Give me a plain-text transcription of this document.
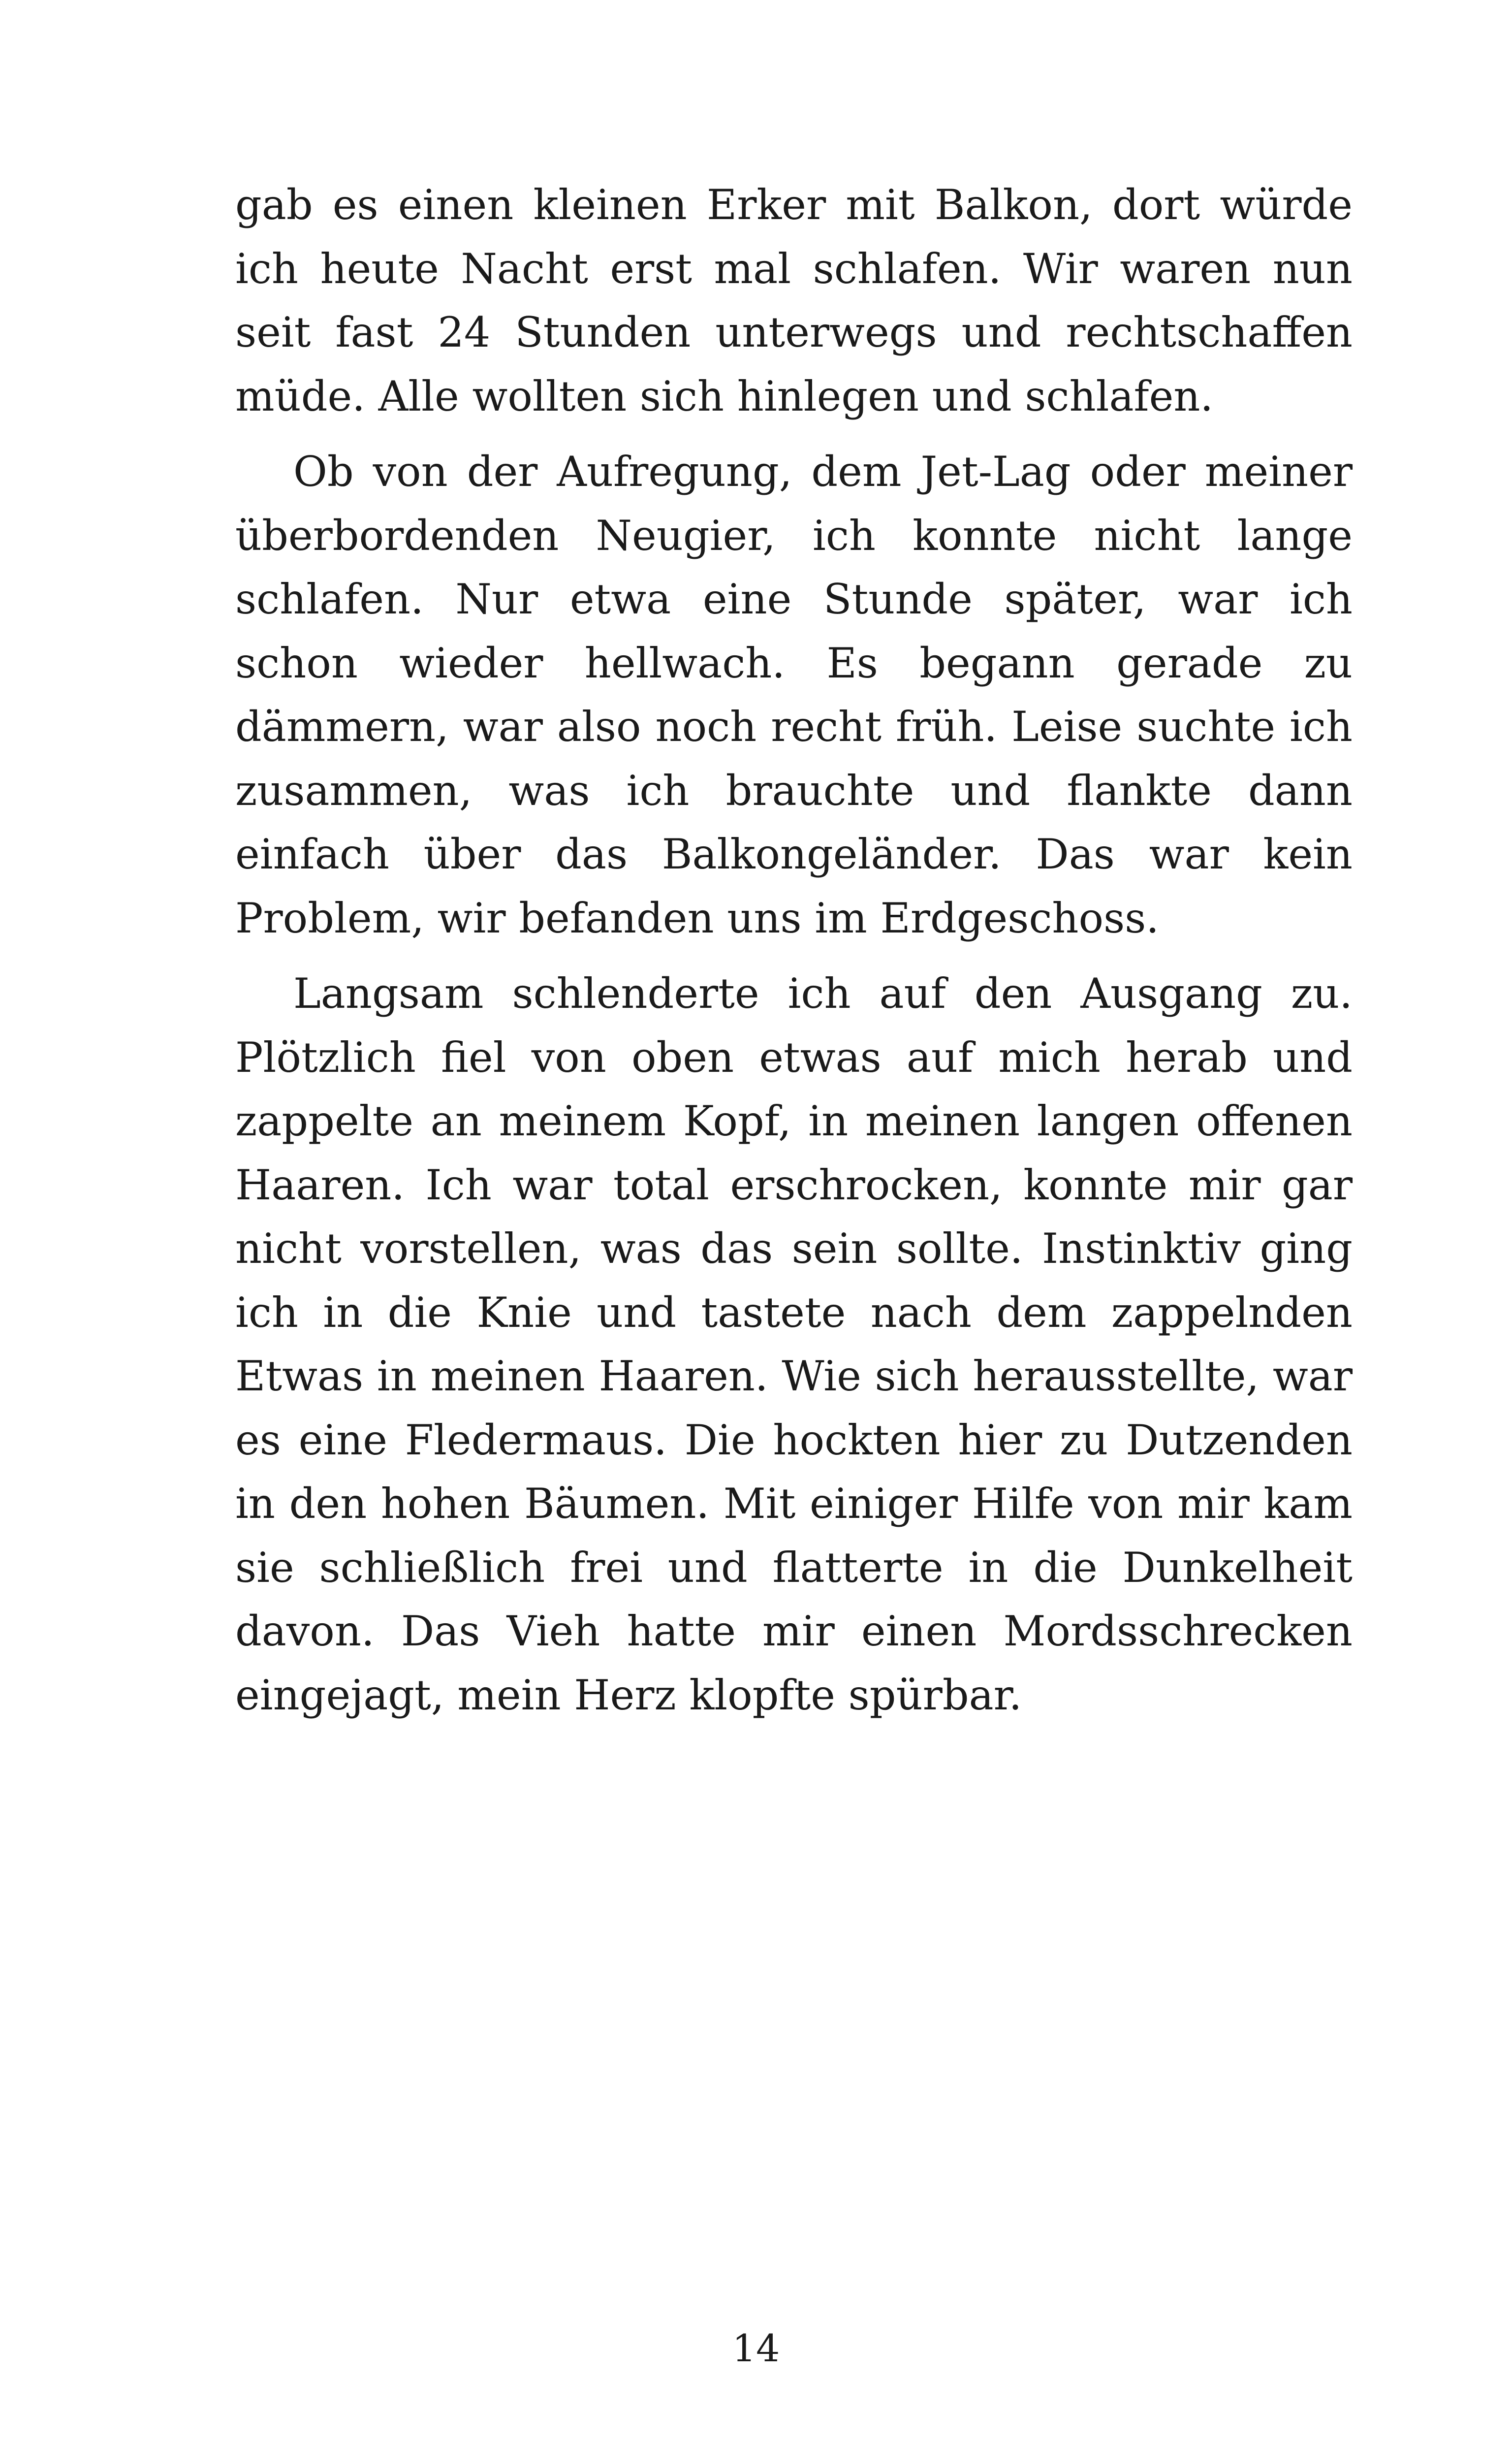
gab es einen kleinen Erker mit Balkon, dort würde ich heute Nacht erst mal schlafen. Wir waren nun seit fast 24 Stunden unterwegs und rechtschaffen müde. Alle wollten sich hinlegen und schlafen.

Ob von der Aufregung, dem Jet-Lag oder meiner überbordenden Neugier, ich konnte nicht lange schlafen. Nur etwa eine Stunde später, war ich schon wieder hellwach. Es begann gerade zu dämmern, war also noch recht früh. Leise suchte ich zusammen, was ich brauchte und flankte dann einfach über das Balkongeländer. Das war kein Problem, wir befanden uns im Erdgeschoss.

Langsam schlenderte ich auf den Ausgang zu. Plötzlich fiel von oben etwas auf mich herab und zappelte an meinem Kopf, in meinen langen offenen Haaren. Ich war total erschrocken, konnte mir gar nicht vorstellen, was das sein sollte. Instinktiv ging ich in die Knie und tastete nach dem zappelnden Etwas in meinen Haaren. Wie sich herausstellte, war es eine Fledermaus. Die hockten hier zu Dutzenden in den hohen Bäumen. Mit einiger Hilfe von mir kam sie schließlich frei und flatterte in die Dunkelheit davon. Das Vieh hatte mir einen Mordsschrecken eingejagt, mein Herz klopfte spürbar.

14
